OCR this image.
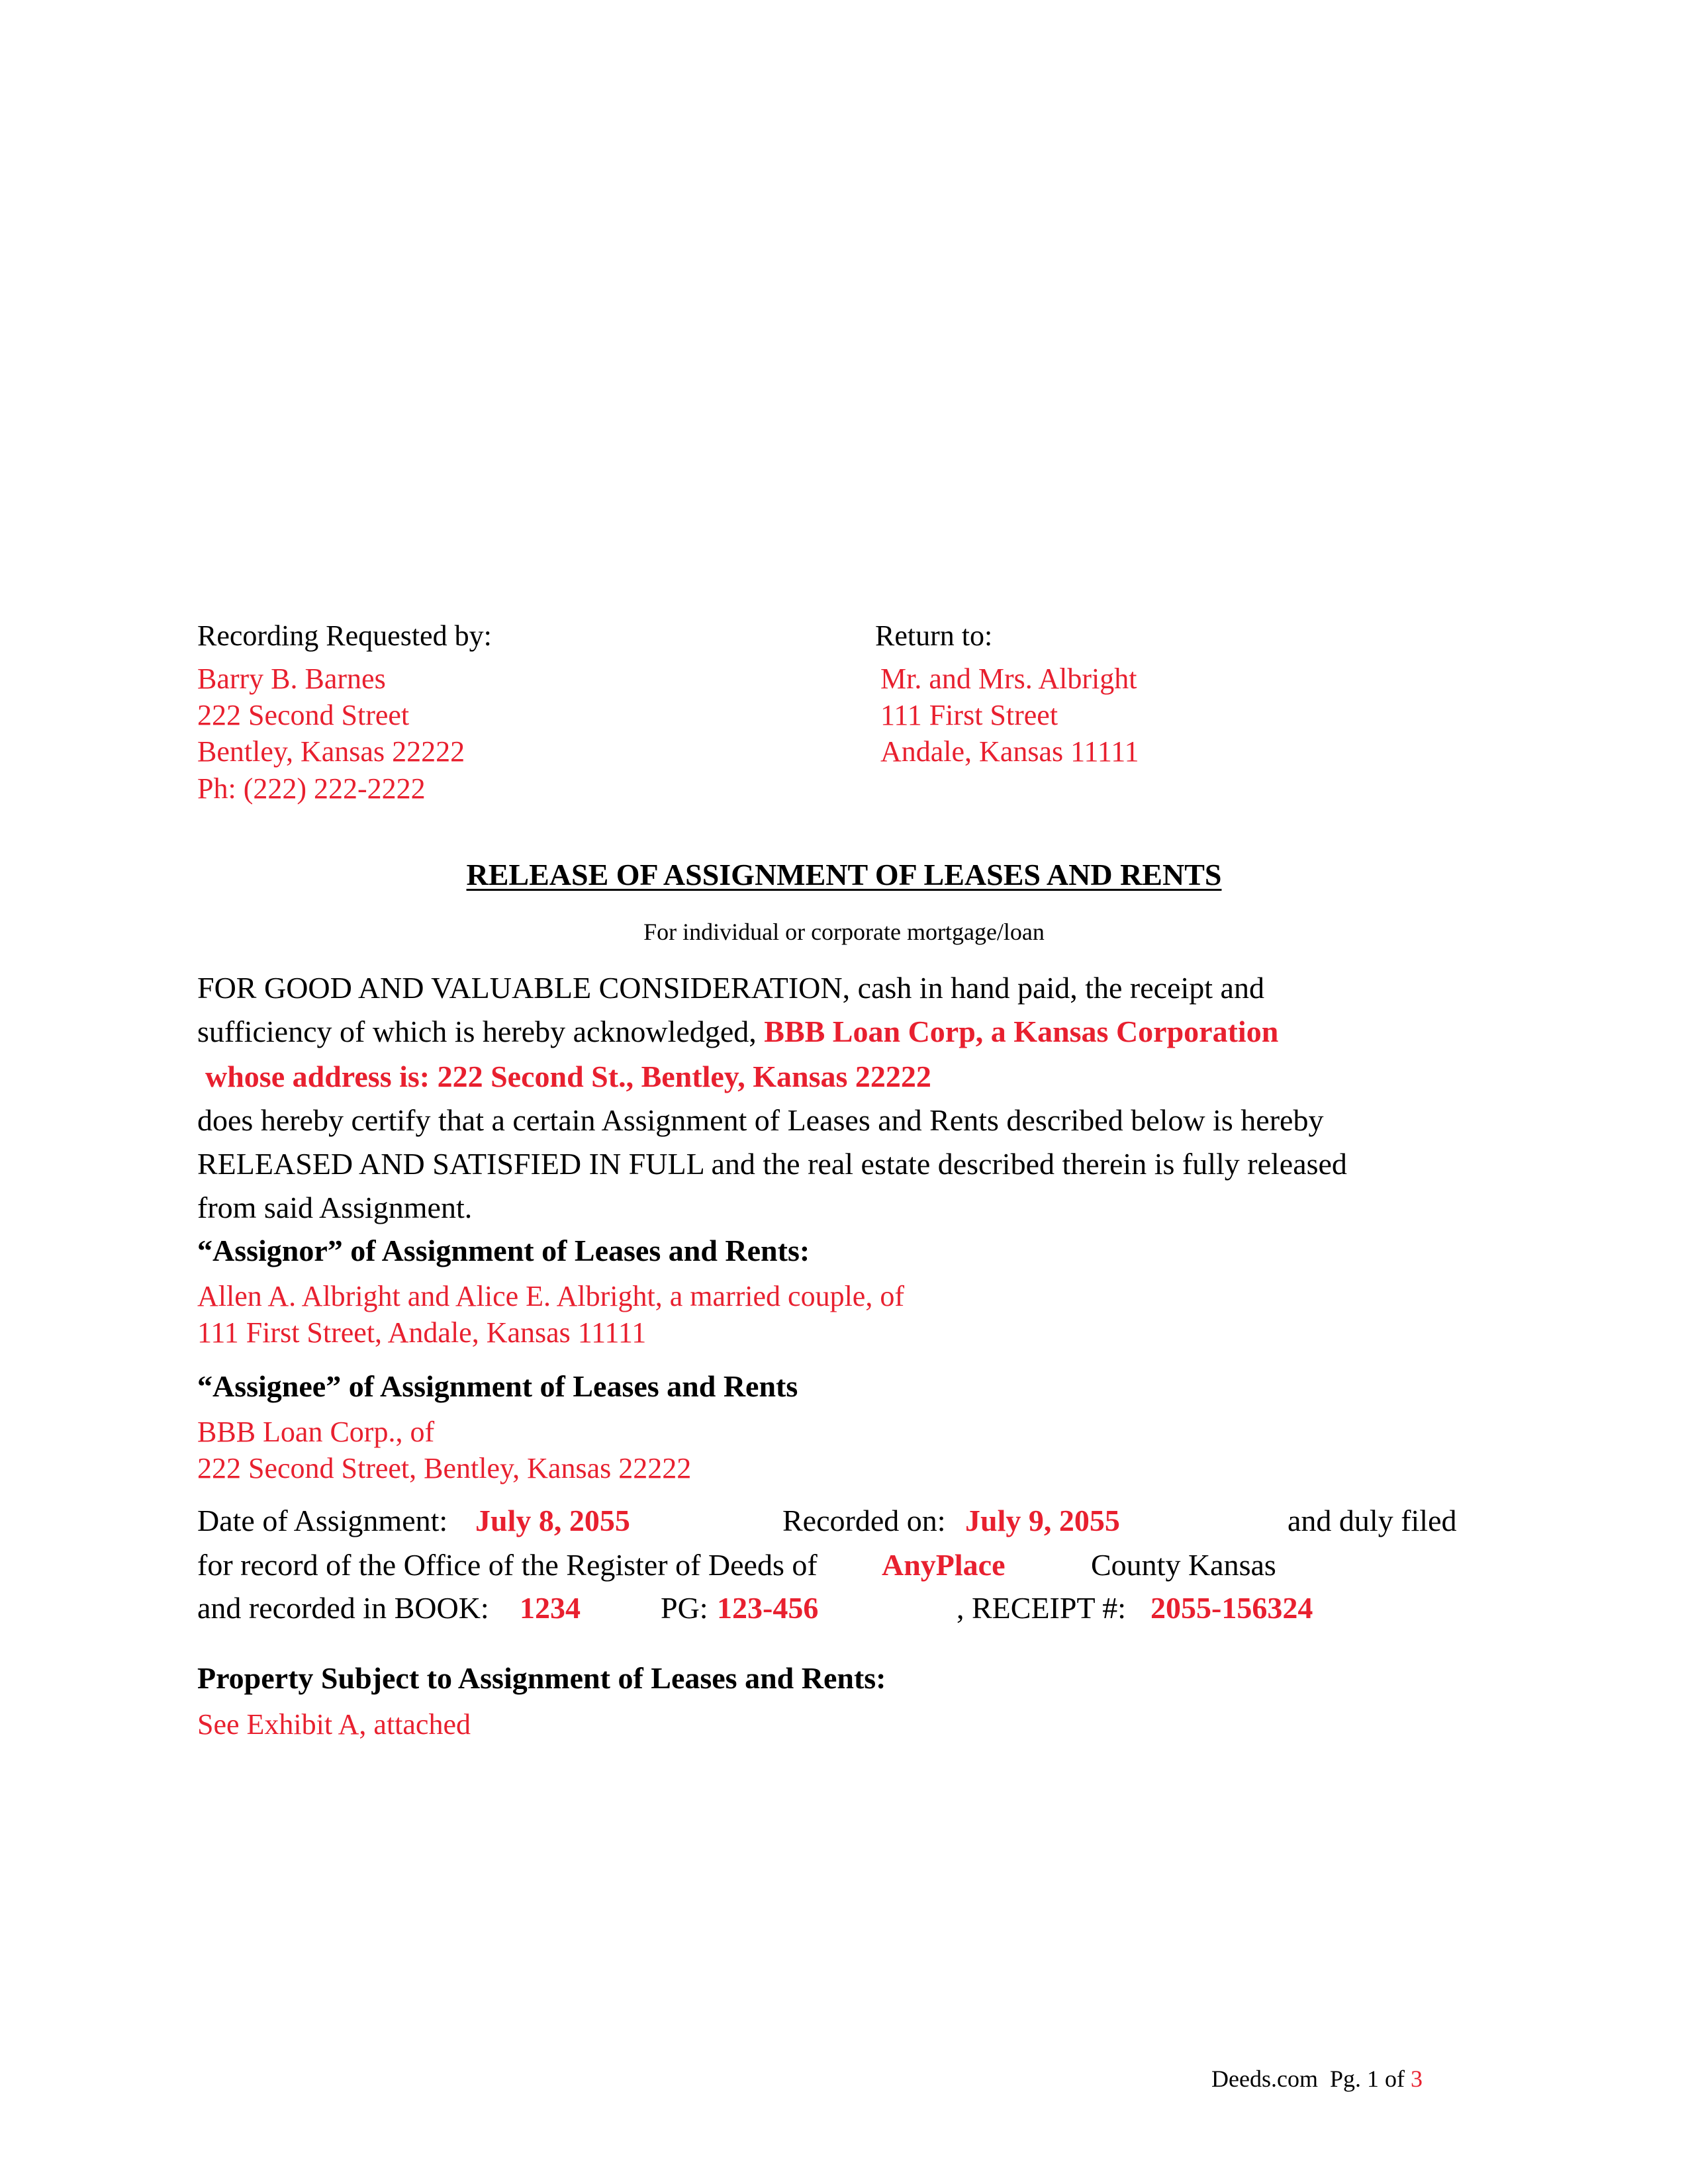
Recording Requested by:
Barry B. Barnes
222 Second Street
Bentley, Kansas 22222
Ph: (222) 222-2222
Return to:
Mr. and Mrs. Albright
111 First Street
Andale, Kansas 11111
RELEASE OF ASSIGNMENT OF LEASES AND RENTS
For individual or corporate mortgage/loan
FOR GOOD AND VALUABLE CONSIDERATION, cash in hand paid, the receipt and
sufficiency of which is hereby acknowledged, BBB Loan Corp, a Kansas Corporation
whose address is: 222 Second St., Bentley, Kansas 22222
does hereby certify that a certain Assignment of Leases and Rents described below is hereby
RELEASED AND SATISFIED IN FULL and the real estate described therein is fully released
from said Assignment.
“Assignor” of Assignment of Leases and Rents:
Allen A. Albright and Alice E. Albright, a married couple, of
111 First Street, Andale, Kansas 11111
“Assignee” of Assignment of Leases and Rents
BBB Loan Corp., of
222 Second Street, Bentley, Kansas 22222
Date of Assignment: July 8, 2055	Recorded on: July 9, 2055	and duly filed
for record of the Office of the Register of Deeds of AnyPlace	County Kansas
and recorded in BOOK: 1234	PG: 123-456	, RECEIPT #: 2055-156324
Property Subject to Assignment of Leases and Rents:
See Exhibit A, attached
Deeds.com Pg. 1 of 3
